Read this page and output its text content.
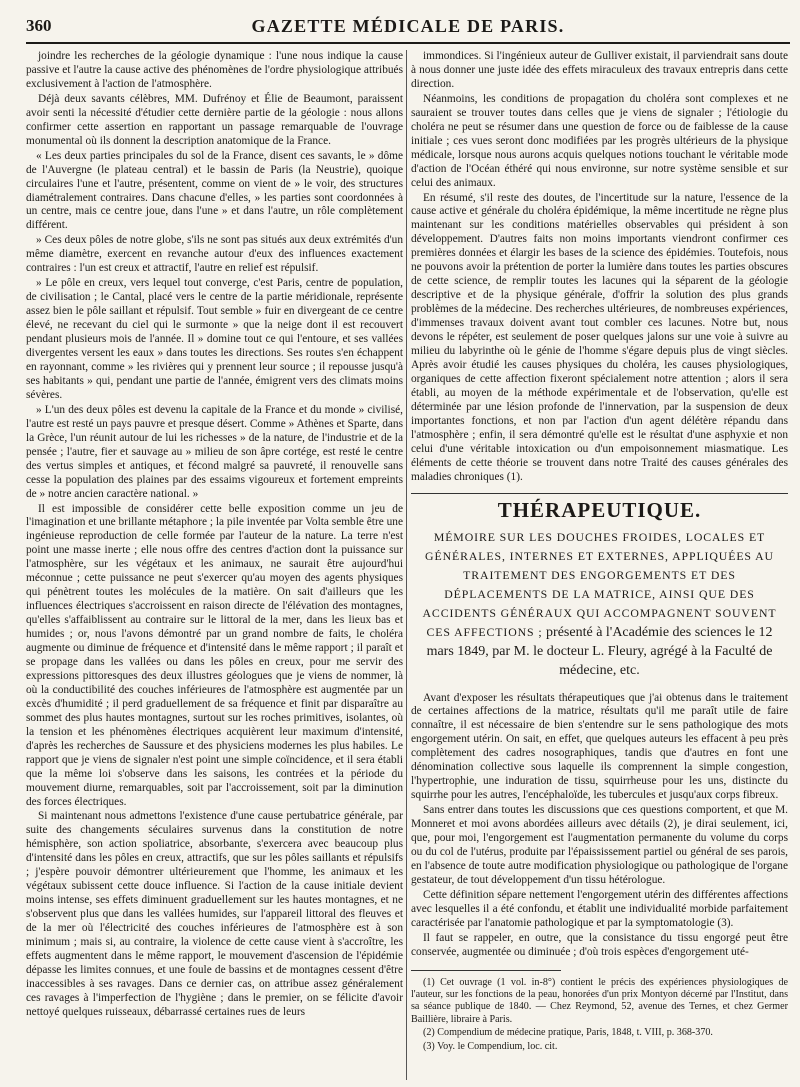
360	GAZETTE MÉDICALE DE PARIS.

joindre les recherches de la géologie dynamique : l'une nous indique la cause passive et l'autre la cause active des phénomènes de l'ordre physiologique attribués exclusivement à l'action de l'atmosphère.

Déjà deux savants célèbres, MM. Dufrénoy et Élie de Beaumont, paraissent avoir senti la nécessité d'étudier cette dernière partie de la géologie : nous allons confirmer cette assertion en rapportant un passage remarquable de l'ouvrage monumental où ils donnent la description anatomique de la France.

« Les deux parties principales du sol de la France, disent ces savants, le » dôme de l'Auvergne (le plateau central) et le bassin de Paris (la Neustrie), quoique circulaires l'une et l'autre, présentent, comme on vient de » le voir, des structures diamétralement contraires. Dans chacune d'elles, » les parties sont coordonnées à un centre, mais ce centre joue, dans l'une » et dans l'autre, un rôle complètement différent.

» Ces deux pôles de notre globe, s'ils ne sont pas situés aux deux extrémités d'un même diamètre, exercent en revanche autour d'eux des influences exactement contraires : l'un est creux et attractif, l'autre en relief est répulsif.

» Le pôle en creux, vers lequel tout converge, c'est Paris, centre de population, de civilisation ; le Cantal, placé vers le centre de la partie méridionale, représente assez bien le pôle saillant et répulsif. Tout semble » fuir en divergeant de ce centre élevé, ne recevant du ciel qui le surmonte » que la neige dont il est recouvert pendant plusieurs mois de l'année. Il » domine tout ce qui l'entoure, et ses vallées divergentes versent les eaux » dans toutes les directions. Ses routes s'en échappent en rayonnant, comme » les rivières qui y prennent leur source ; il repousse jusqu'à ses habitants » qui, pendant une partie de l'année, émigrent vers des climats moins sévères.

» L'un des deux pôles est devenu la capitale de la France et du monde » civilisé, l'autre est resté un pays pauvre et presque désert. Comme » Athènes et Sparte, dans la Grèce, l'un réunit autour de lui les richesses » de la nature, de l'industrie et de la pensée ; l'autre, fier et sauvage au » milieu de son âpre cortége, est resté le centre des vertus simples et antiques, et fécond malgré sa pauvreté, il renouvelle sans cesse la population des plaines par des essaims vigoureux et fortement empreints de » notre ancien caractère national. »

Il est impossible de considérer cette belle exposition comme un jeu de l'imagination et une brillante métaphore ; la pile inventée par Volta semble être une ingénieuse reproduction de celle formée par l'auteur de la nature. La terre n'est point une masse inerte ; elle nous offre des centres d'action dont la puissance sur l'atmosphère, sur les végétaux et les animaux, ne saurait être aujourd'hui méconnue ; cette puissance ne peut s'exercer qu'au moyen des agents physiques qui pénètrent toutes les molécules de la matière. On sait d'ailleurs que les influences électriques s'accroissent en raison directe de l'élévation des montagnes, qu'elles s'affaiblissent au contraire sur le littoral de la mer, dans les lieux bas et humides ; or, nous l'avons démontré par un grand nombre de faits, le choléra augmente ou diminue de fréquence et d'intensité dans le même rapport ; il paraît et se propage dans les vallées ou dans les pôles en creux, pour me servir des expressions pittoresques des deux illustres géologues que je viens de nommer, là où la conductibilité des couches inférieures de l'atmosphère est augmentée par un excès d'humidité ; il perd graduellement de sa fréquence et finit par disparaître au sommet des plus hautes montagnes, surtout sur les roches primitives, isolantes, où la tension et les phénomènes électriques acquièrent leur maximum d'intensité, d'après les recherches de Saussure et des physiciens modernes les plus habiles. Le rapport que je viens de signaler n'est point une simple coïncidence, et il sera établi que la même loi s'observe dans les saisons, les contrées et la période du mouvement diurne, remarquables, soit par l'accroissement, soit par la diminution des forces électriques.

Si maintenant nous admettons l'existence d'une cause pertubatrice générale, par suite des changements séculaires survenus dans la constitution de notre hémisphère, son action spoliatrice, absorbante, s'exercera avec beaucoup plus d'intensité dans les pôles en creux, attractifs, que sur les pôles saillants et répulsifs ; j'espère pouvoir démontrer ultérieurement que l'homme, les animaux et les végétaux subissent cette douce influence. Si l'action de la cause initiale devient moins intense, ses effets diminuent graduellement sur les hautes montagnes, et ne s'observent plus que dans les vallées humides, sur l'appareil littoral des fleuves et de la mer où l'électricité des couches inférieures de l'atmosphère est à son minimum ; mais si, au contraire, la violence de cette cause vient à s'accroître, les effets augmentent dans le même rapport, le mouvement d'ascension de l'épidémie dépasse les limites connues, et une foule de bassins et de montagnes cessent d'être inaccessibles à ses ravages. Dans ce dernier cas, on attribue assez généralement ces ravages à l'imperfection de l'hygiène ; dans le premier, on se félicite d'avoir nettoyé quelques ruisseaux, débarrassé certaines rues de leurs

immondices. Si l'ingénieux auteur de Gulliver existait, il parviendrait sans doute à nous donner une juste idée des effets miraculeux des travaux entrepris dans cette direction.

Néanmoins, les conditions de propagation du choléra sont complexes et ne sauraient se trouver toutes dans celles que je viens de signaler ; l'étiologie du choléra ne peut se résumer dans une question de force ou de faiblesse de la cause initiale ; ces vues seront donc modifiées par les progrès ultérieurs de la physique médicale, lorsque nous aurons acquis quelques notions touchant le véritable mode d'action de l'Océan éthéré qui nous environne, sur notre système sensible et sur celui des animaux.

En résumé, s'il reste des doutes, de l'incertitude sur la nature, l'essence de la cause active et générale du choléra épidémique, la même incertitude ne règne plus maintenant sur les conditions matérielles observables qui président à son développement. D'autres faits non moins importants viendront confirmer ces premières données et élargir les bases de la science des épidémies. Toutefois, nous ne pouvons avoir la prétention de porter la lumière dans toutes les parties obscures de cette science, de remplir toutes les lacunes qui la séparent de la géologie descriptive et de la physique générale, d'offrir la solution des plus grands problèmes de la médecine. Des recherches ultérieures, de nombreuses expériences, d'immenses travaux doivent avant tout combler ces lacunes. Notre but, nous devons le répéter, est seulement de poser quelques jalons sur une voie à suivre au milieu du labyrinthe où le génie de l'homme s'égare depuis plus de vingt siècles. Après avoir étudié les causes physiques du choléra, les causes physiologiques, organiques de cette affection fixeront spécialement notre attention ; alors il sera établi, au moyen de la méthode expérimentale et de l'observation, qu'elle est déterminée par une lésion profonde de l'innervation, par la suspension de deux importantes fonctions, et non par l'action d'un agent délétère répandu dans l'atmosphère ; enfin, il sera démontré qu'elle est le résultat d'une asphyxie et non celui d'une véritable intoxication ou d'un empoisonnement miasmatique. Les éléments de cette théorie se trouvent dans notre Traité des causes générales des maladies chroniques (1).

THÉRAPEUTIQUE.
MÉMOIRE SUR LES DOUCHES FROIDES, LOCALES ET GÉNÉRALES, INTERNES ET EXTERNES, APPLIQUÉES AU TRAITEMENT DES ENGORGEMENTS ET DES DÉPLACEMENTS DE LA MATRICE, AINSI QUE DES ACCIDENTS GÉNÉRAUX QUI ACCOMPAGNENT SOUVENT CES AFFECTIONS ; présenté à l'Académie des sciences le 12 mars 1849, par M. le docteur L. Fleury, agrégé à la Faculté de médecine, etc.

Avant d'exposer les résultats thérapeutiques que j'ai obtenus dans le traitement de certaines affections de la matrice, résultats qu'il me paraît utile de faire connaître, il est nécessaire de bien s'entendre sur le sens pathologique des mots engorgement utérin. On sait, en effet, que quelques auteurs les effacent à peu près complètement des cadres nosographiques, tandis que d'autres en font une dénomination collective sous laquelle ils comprennent la simple congestion, l'hypertrophie, une induration de tissu, squirrheuse pour les uns, distincte du squirrhe pour les autres, l'encéphaloïde, les tubercules et jusqu'aux corps fibreux.

Sans entrer dans toutes les discussions que ces questions comportent, et que M. Monneret et moi avons abordées ailleurs avec détails (2), je dirai seulement, ici, que, pour moi, l'engorgement est l'augmentation permanente du volume du corps ou du col de l'utérus, produite par l'épaississement partiel ou général de ses parois, en l'absence de toute autre modification physiologique ou pathologique de l'organe gestateur, de tout développement d'un tissu hétérologue.

Cette définition sépare nettement l'engorgement utérin des différentes affections avec lesquelles il a été confondu, et établit une individualité morbide parfaitement caractérisée par l'anatomie pathologique et par la symptomatologie (3).

Il faut se rappeler, en outre, que la consistance du tissu engorgé peut être conservée, augmentée ou diminuée ; d'où trois espèces d'engorgement uté-

(1) Cet ouvrage (1 vol. in-8°) contient le précis des expériences physiologiques de l'auteur, sur les fonctions de la peau, honorées d'un prix Montyon décerné par l'Institut, dans sa séance publique de 1840. — Chez Reymond, 52, avenue des Ternes, et chez Germer Baillière, libraire à Paris.

(2) Compendium de médecine pratique, Paris, 1848, t. VIII, p. 368-370.

(3) Voy. le Compendium, loc. cit.
